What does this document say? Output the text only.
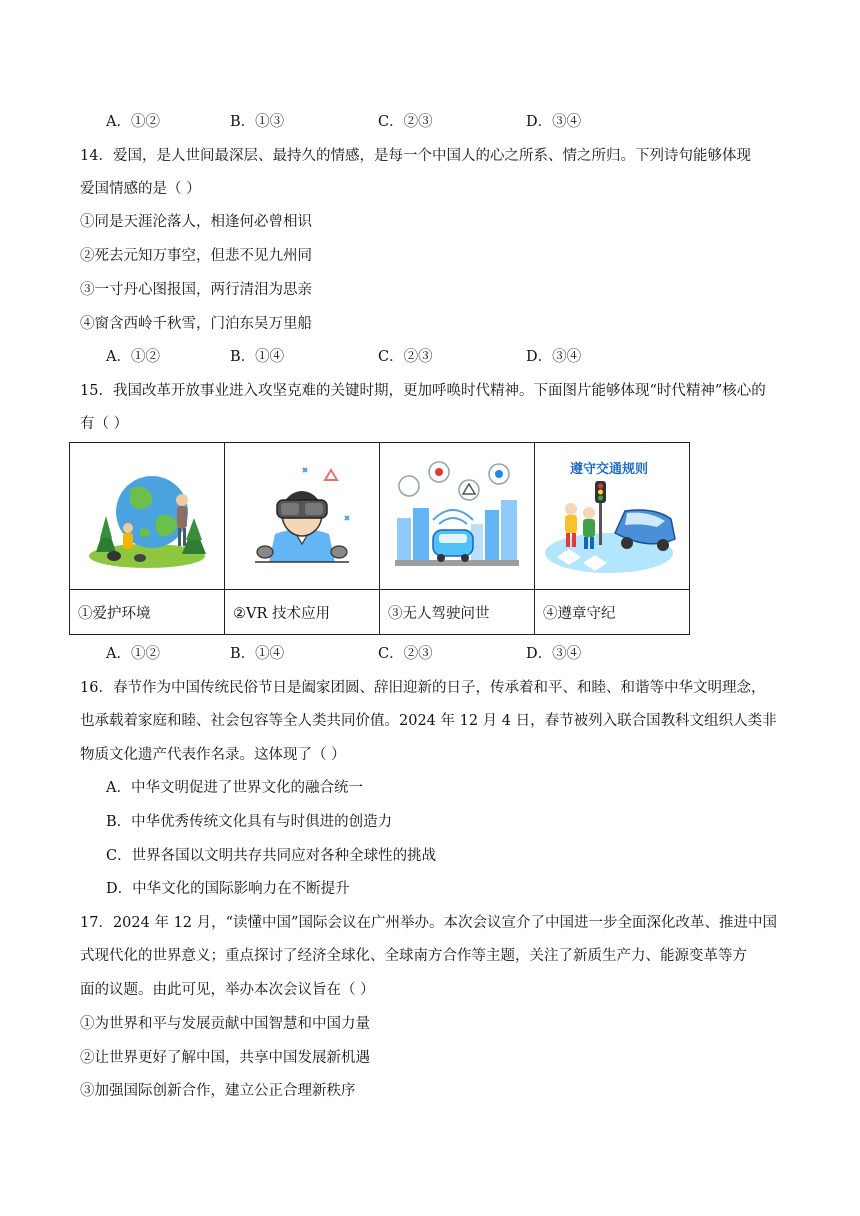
A．①②	B．①③	C．②③	D．③④
14．爱国，是人世间最深层、最持久的情感，是每一个中国人的心之所系、情之所归。下列诗句能够体现
爱国情感的是（ ）
①同是天涯沦落人，相逢何必曾相识
②死去元知万事空，但悲不见九州同
③一寸丹心图报国，两行清泪为思亲
④窗含西岭千秋雪，门泊东吴万里船
A．①②	B．①④	C．②③	D．③④
15．我国改革开放事业进入攻坚克难的关键时期，更加呼唤时代精神。下面图片能够体现“时代精神”核心的
有（ ）

遵守交通规则

①爱护环境	②VR 技术应用	③无人驾驶问世	④遵章守纪
A．①②	B．①④	C．②③	D．③④
16．春节作为中国传统民俗节日是阖家团圆、辞旧迎新的日子，传承着和平、和睦、和谐等中华文明理念，
也承载着家庭和睦、社会包容等全人类共同价值。2024 年 12 月 4 日，春节被列入联合国教科文组织人类非
物质文化遗产代表作名录。这体现了（ ）
A．中华文明促进了世界文化的融合统一
B．中华优秀传统文化具有与时俱进的创造力
C．世界各国以文明共存共同应对各种全球性的挑战
D．中华文化的国际影响力在不断提升
17．2024 年 12 月，“读懂中国”国际会议在广州举办。本次会议宣介了中国进一步全面深化改革、推进中国
式现代化的世界意义；重点探讨了经济全球化、全球南方合作等主题，关注了新质生产力、能源变革等方
面的议题。由此可见，举办本次会议旨在（ ）
①为世界和平与发展贡献中国智慧和中国力量
②让世界更好了解中国，共享中国发展新机遇
③加强国际创新合作，建立公正合理新秩序
